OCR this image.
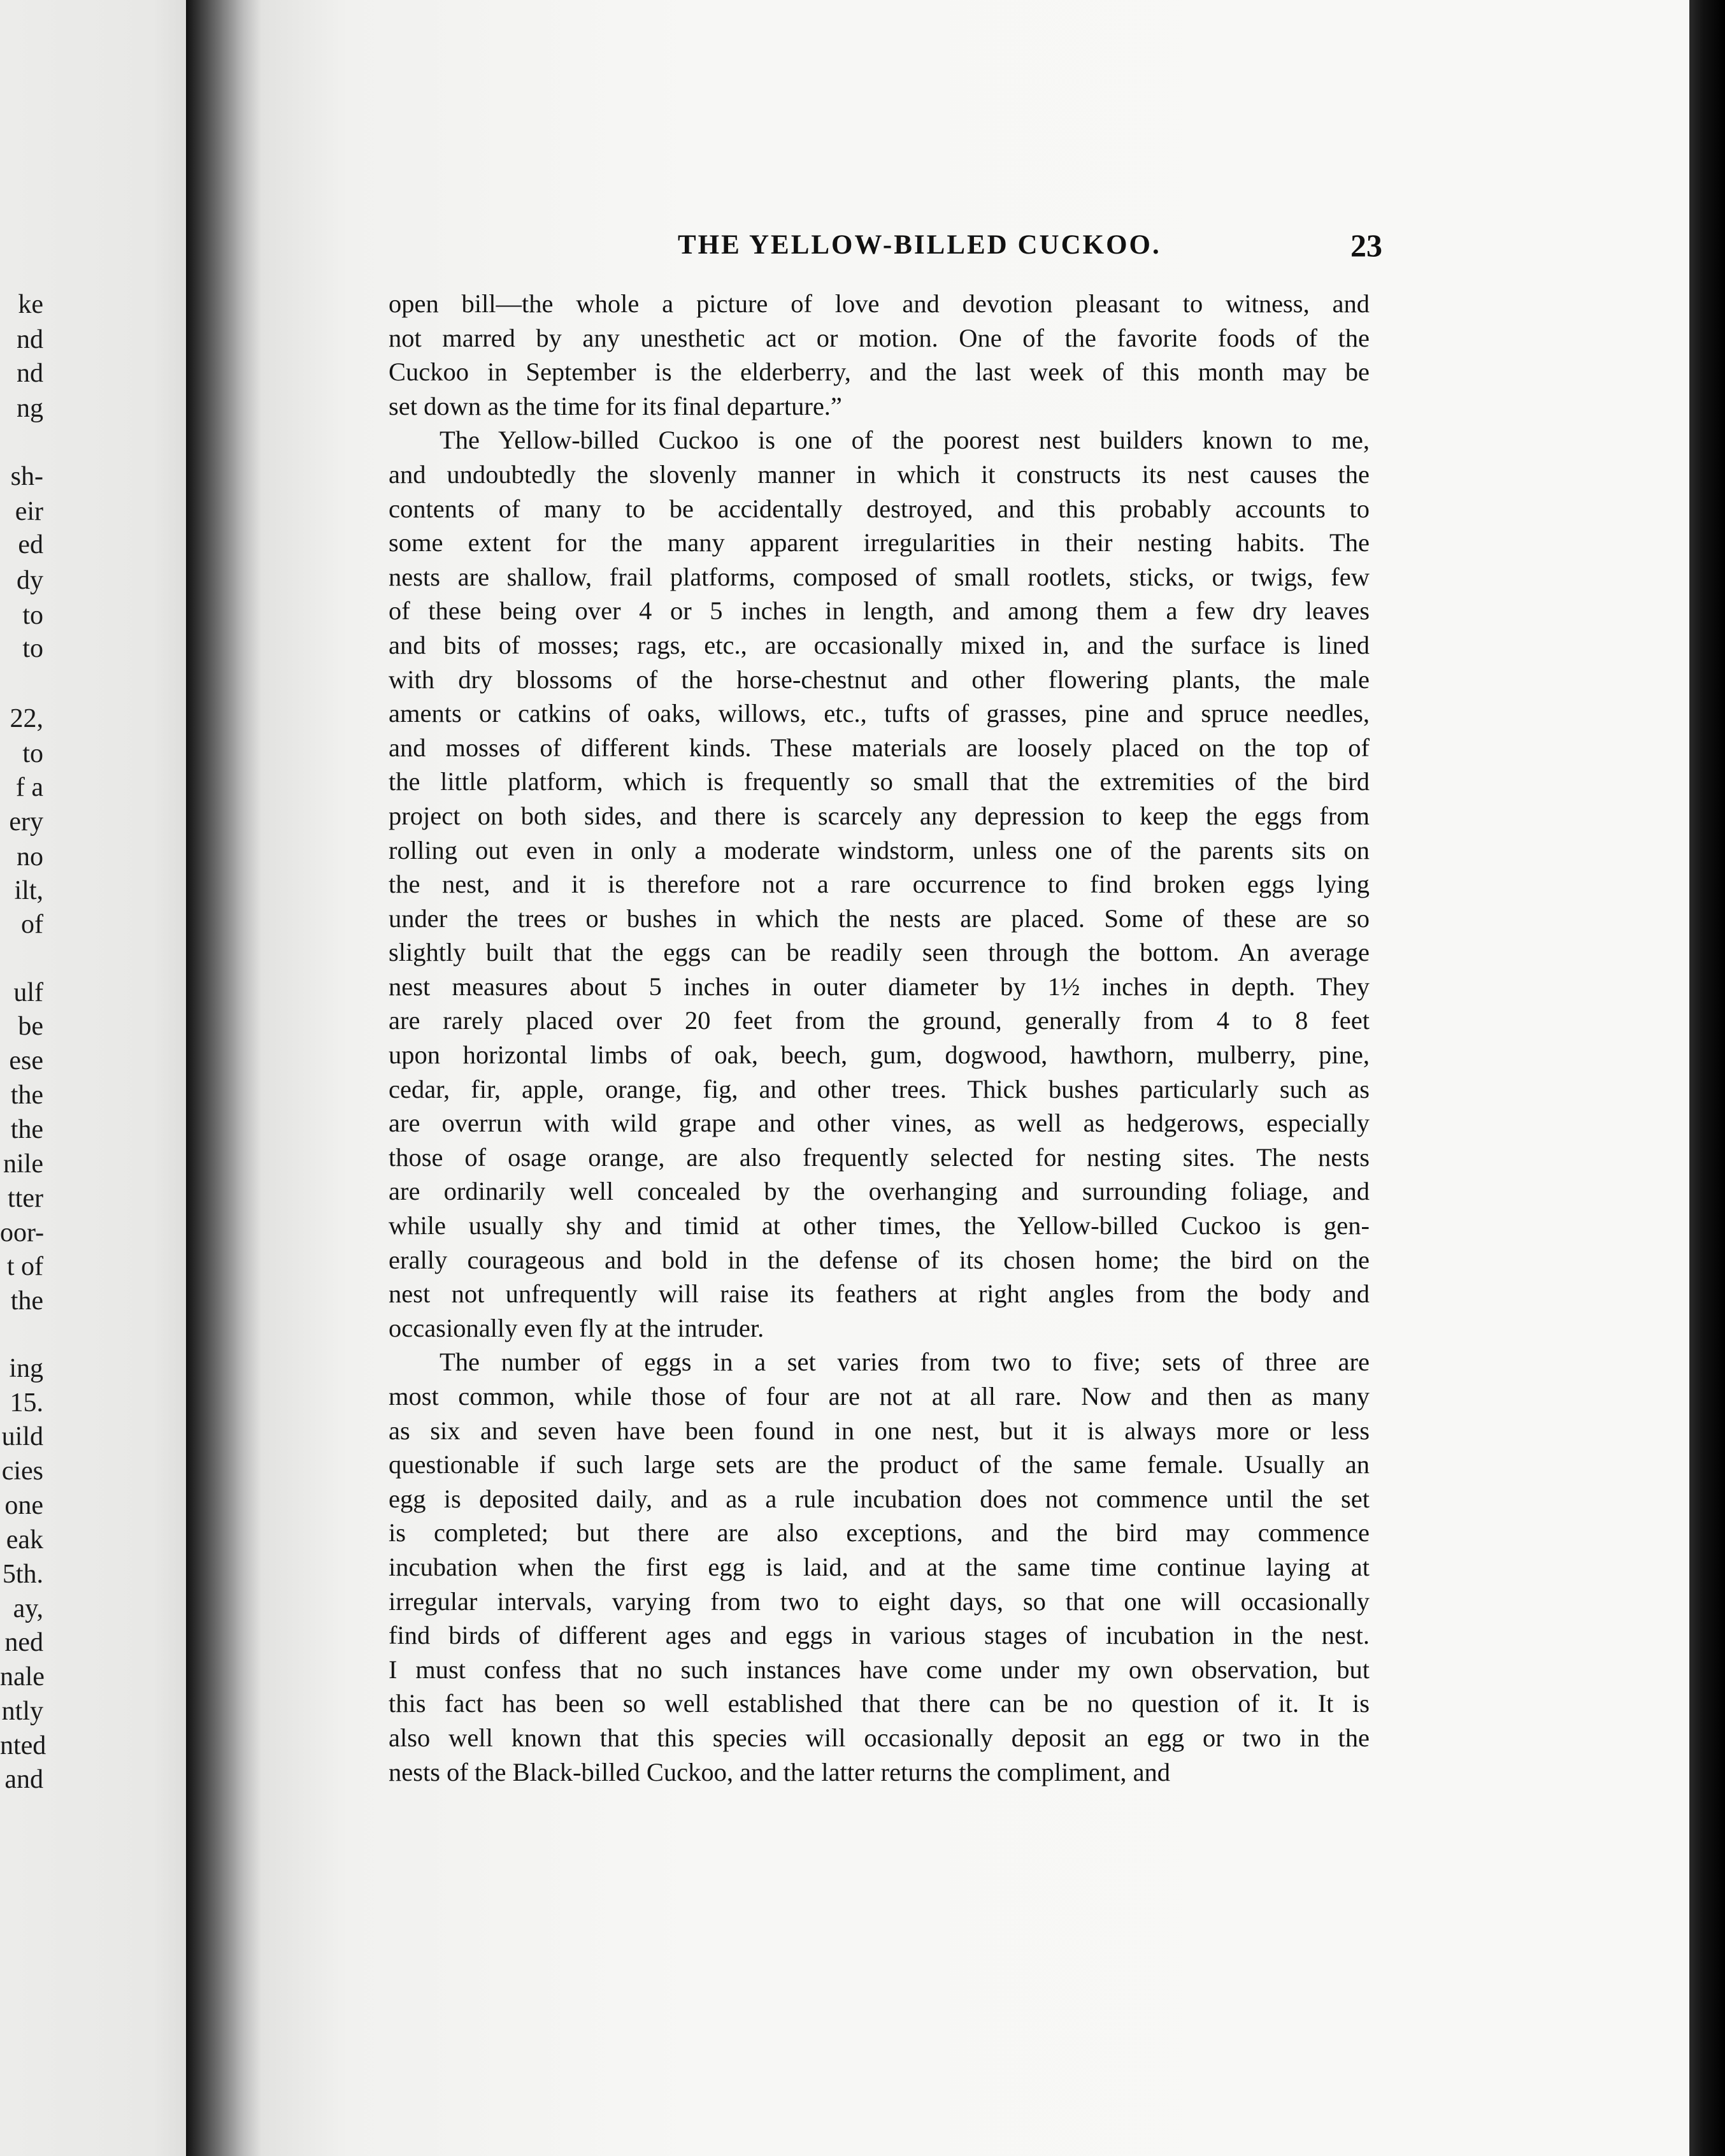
ke
nd
nd
ng
sh-
eir
ed
dy
to
to
22,
to
f a
ery
no
ilt,
of
ulf
be
ese
the
the
nile
tter
oor-
t of
the
ing
15.
uild
cies
one
eak
5th.
ay,
ned
nale
ntly
nted
and
THE YELLOW-BILLED CUCKOO.	23
open bill—the whole a picture of love and devotion pleasant to witness, and
not marred by any unesthetic act or motion. One of the favorite foods of the
Cuckoo in September is the elderberry, and the last week of this month may be
set down as the time for its final departure.”
The Yellow-billed Cuckoo is one of the poorest nest builders known to me,
and undoubtedly the slovenly manner in which it constructs its nest causes the
contents of many to be accidentally destroyed, and this probably accounts to
some extent for the many apparent irregularities in their nesting habits. The
nests are shallow, frail platforms, composed of small rootlets, sticks, or twigs, few
of these being over 4 or 5 inches in length, and among them a few dry leaves
and bits of mosses; rags, etc., are occasionally mixed in, and the surface is lined
with dry blossoms of the horse-chestnut and other flowering plants, the male
aments or catkins of oaks, willows, etc., tufts of grasses, pine and spruce needles,
and mosses of different kinds. These materials are loosely placed on the top of
the little platform, which is frequently so small that the extremities of the bird
project on both sides, and there is scarcely any depression to keep the eggs from
rolling out even in only a moderate windstorm, unless one of the parents sits on
the nest, and it is therefore not a rare occurrence to find broken eggs lying
under the trees or bushes in which the nests are placed. Some of these are so
slightly built that the eggs can be readily seen through the bottom. An average
nest measures about 5 inches in outer diameter by 1½ inches in depth. They
are rarely placed over 20 feet from the ground, generally from 4 to 8 feet
upon horizontal limbs of oak, beech, gum, dogwood, hawthorn, mulberry, pine,
cedar, fir, apple, orange, fig, and other trees. Thick bushes particularly such as
are overrun with wild grape and other vines, as well as hedgerows, especially
those of osage orange, are also frequently selected for nesting sites. The nests
are ordinarily well concealed by the overhanging and surrounding foliage, and
while usually shy and timid at other times, the Yellow-billed Cuckoo is gen-
erally courageous and bold in the defense of its chosen home; the bird on the
nest not unfrequently will raise its feathers at right angles from the body and
occasionally even fly at the intruder.
The number of eggs in a set varies from two to five; sets of three are
most common, while those of four are not at all rare. Now and then as many
as six and seven have been found in one nest, but it is always more or less
questionable if such large sets are the product of the same female. Usually an
egg is deposited daily, and as a rule incubation does not commence until the set
is completed; but there are also exceptions, and the bird may commence
incubation when the first egg is laid, and at the same time continue laying at
irregular intervals, varying from two to eight days, so that one will occasionally
find birds of different ages and eggs in various stages of incubation in the nest.
I must confess that no such instances have come under my own observation, but
this fact has been so well established that there can be no question of it. It is
also well known that this species will occasionally deposit an egg or two in the
nests of the Black-billed Cuckoo, and the latter returns the compliment, and
